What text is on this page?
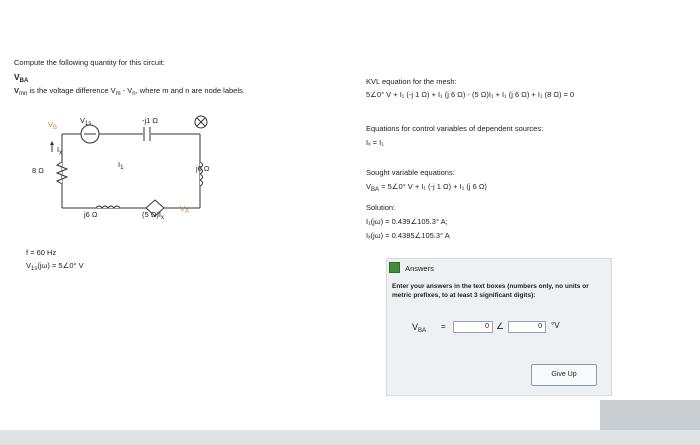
Compute the following quantity for this circuit:
$V_{BA}$
$V_{mn}$ is the voltage difference $V_m - V_n$, where m and n are node labels.
$V_B$
$V_{1s}$	-j1 Ω
$I_x$
$I_1$
8 Ω	j6 Ω
j6 Ω	(5 $\Omega)I_x$
$V_A$
f = 60 Hz
$V_{1s}(j\omega)$ = 5∠0° V
KVL equation for the mesh:
5∠0° V + I₁ (-j 1 Ω) + I₁ (j 6 Ω) - (5 Ω)I₁ + I₁ (j 6 Ω) + I₁ (8 Ω) = 0
Equations for control variables of dependent sources:
Iₓ = I₁
Sought variable equations:
$V_{BA}$ = 5∠0° V + I₁ (-j 1 Ω) + I₁ (j 6 Ω)
Solution:
I₁(jω) = 0.439∠105.3° A;
Iₓ(jω) = 0.4385∠105.3° A
Answers
Enter your answers in the text boxes (numbers only, no units or metric prefixes, to at least 3 significant digits):
$V_{BA}$ =	0 ∠	0	°V
Give Up
